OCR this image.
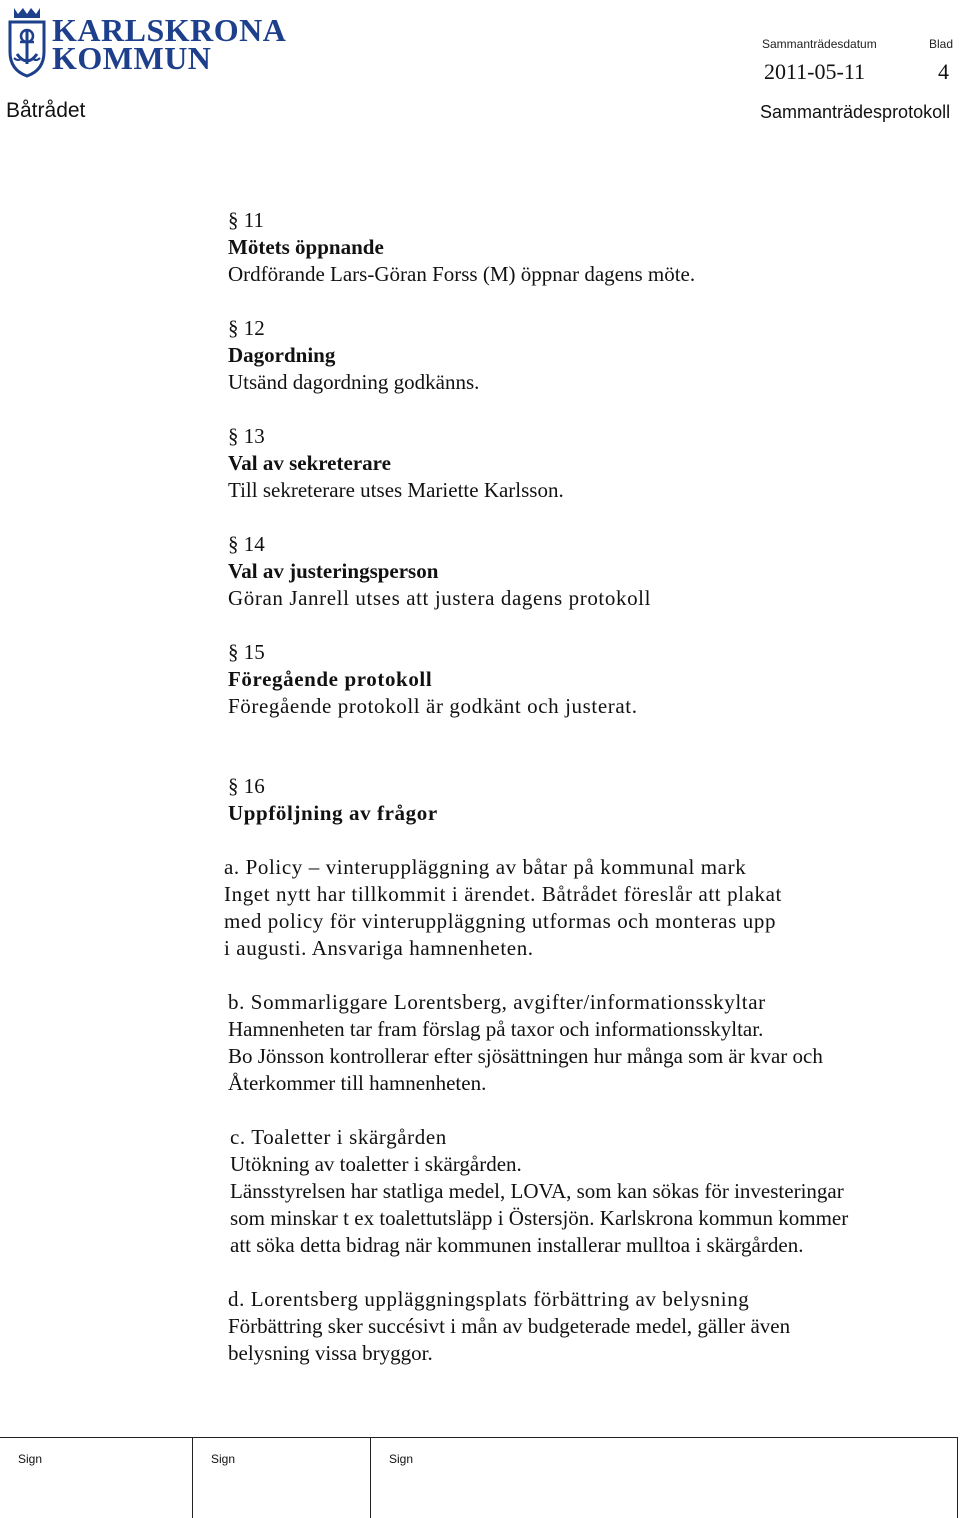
KARLSKRONA
KOMMUN	Sammanträdesdatum	Blad
2011-05-11	4
Båtrådet	Sammanträdesprotokoll
§ 11
Mötets öppnande
Ordförande Lars-Göran Forss (M) öppnar dagens möte.
§ 12
Dagordning
Utsänd dagordning godkänns.
§ 13
Val av sekreterare
Till sekreterare utses Mariette Karlsson.
§ 14
Val av justeringsperson
Göran Janrell utses att justera dagens protokoll
§ 15
Föregående protokoll
Föregående protokoll är godkänt och justerat.
§ 16
Uppföljning av frågor
a. Policy – vinteruppläggning av båtar på kommunal mark
Inget nytt har tillkommit i ärendet. Båtrådet föreslår att plakat
med policy för vinteruppläggning utformas och monteras upp
i augusti. Ansvariga hamnenheten.
b. Sommarliggare Lorentsberg, avgifter/informationsskyltar
Hamnenheten tar fram förslag på taxor och informationsskyltar.
Bo Jönsson kontrollerar efter sjösättningen hur många som är kvar och
Återkommer till hamnenheten.
c. Toaletter i skärgården
Utökning av toaletter i skärgården.
Länsstyrelsen har statliga medel, LOVA, som kan sökas för investeringar
som minskar t ex toalettutsläpp i Östersjön. Karlskrona kommun kommer
att söka detta bidrag när kommunen installerar mulltoa i skärgården.
d. Lorentsberg uppläggningsplats förbättring av belysning
Förbättring sker succésivt i mån av budgeterade medel, gäller även
belysning vissa bryggor.
Sign	Sign	Sign
